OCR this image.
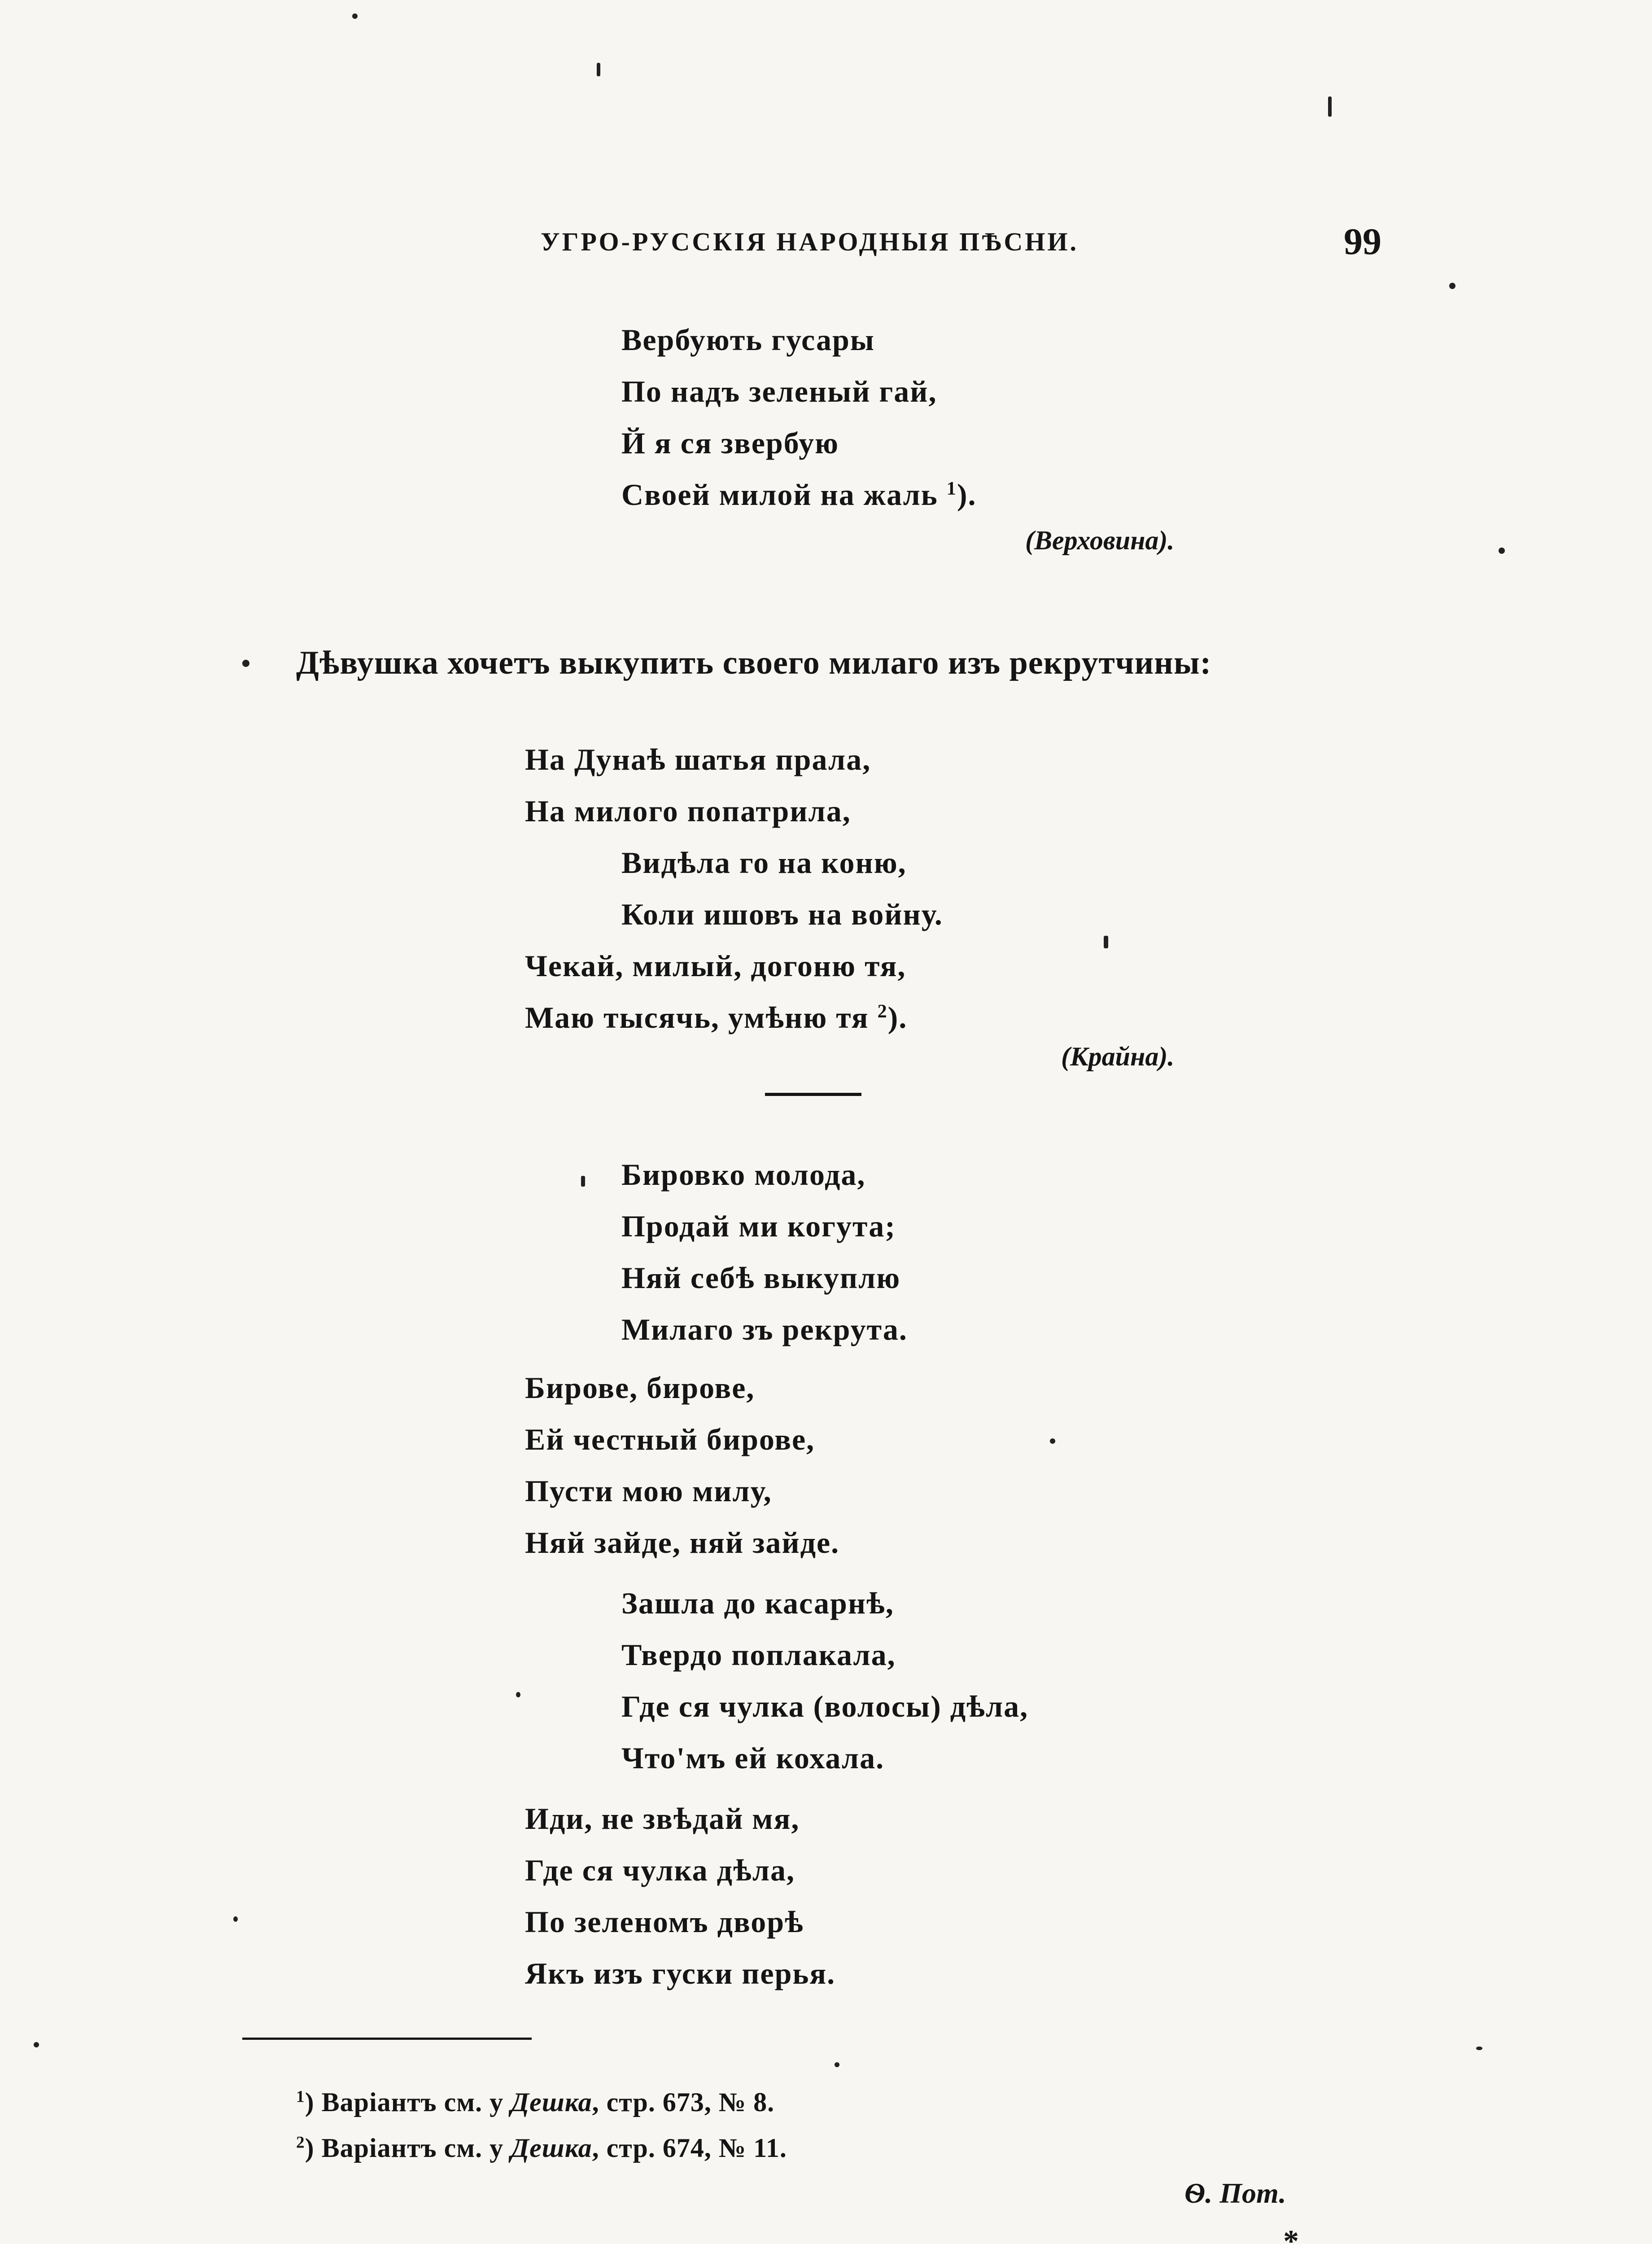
УГРО-РУССКІЯ НАРОДНЫЯ ПѢСНИ.	99
Вербують гусары
По надъ зеленый гай,
Й я ся звербую
Своей милой на жаль $^1$).
(Верховина).
Дѣвушка хочетъ выкупить своего милаго изъ рекрутчины:
На Дунаѣ шатья прала,
На милого попатрила,
Видѣла го на коню,
Коли ишовъ на войну.
Чекай, милый, догоню тя,
Маю тысячь, умѣню тя $^2$).
(Крайна).
Бировко молода,
Продай ми когута;
Няй себѣ выкуплю
Милаго зъ рекрута.
Бирове, бирове,
Ей честный бирове,
Пусти мою милу,
Няй зайде, няй зайде.
Зашла до касарнѣ,
Твердо поплакала,
Где ся чулка (волосы) дѣла,
Что'мъ ей кохала.
Иди, не звѣдай мя,
Где ся чулка дѣла,
По зеленомъ дворѣ
Якъ изъ гуски перья.
$^1$) Варіантъ см. у Дешка, стр. 673, № 8.
$^2$) Варіантъ см. у Дешка, стр. 674, № 11.
Ѳ. Пот.
*
